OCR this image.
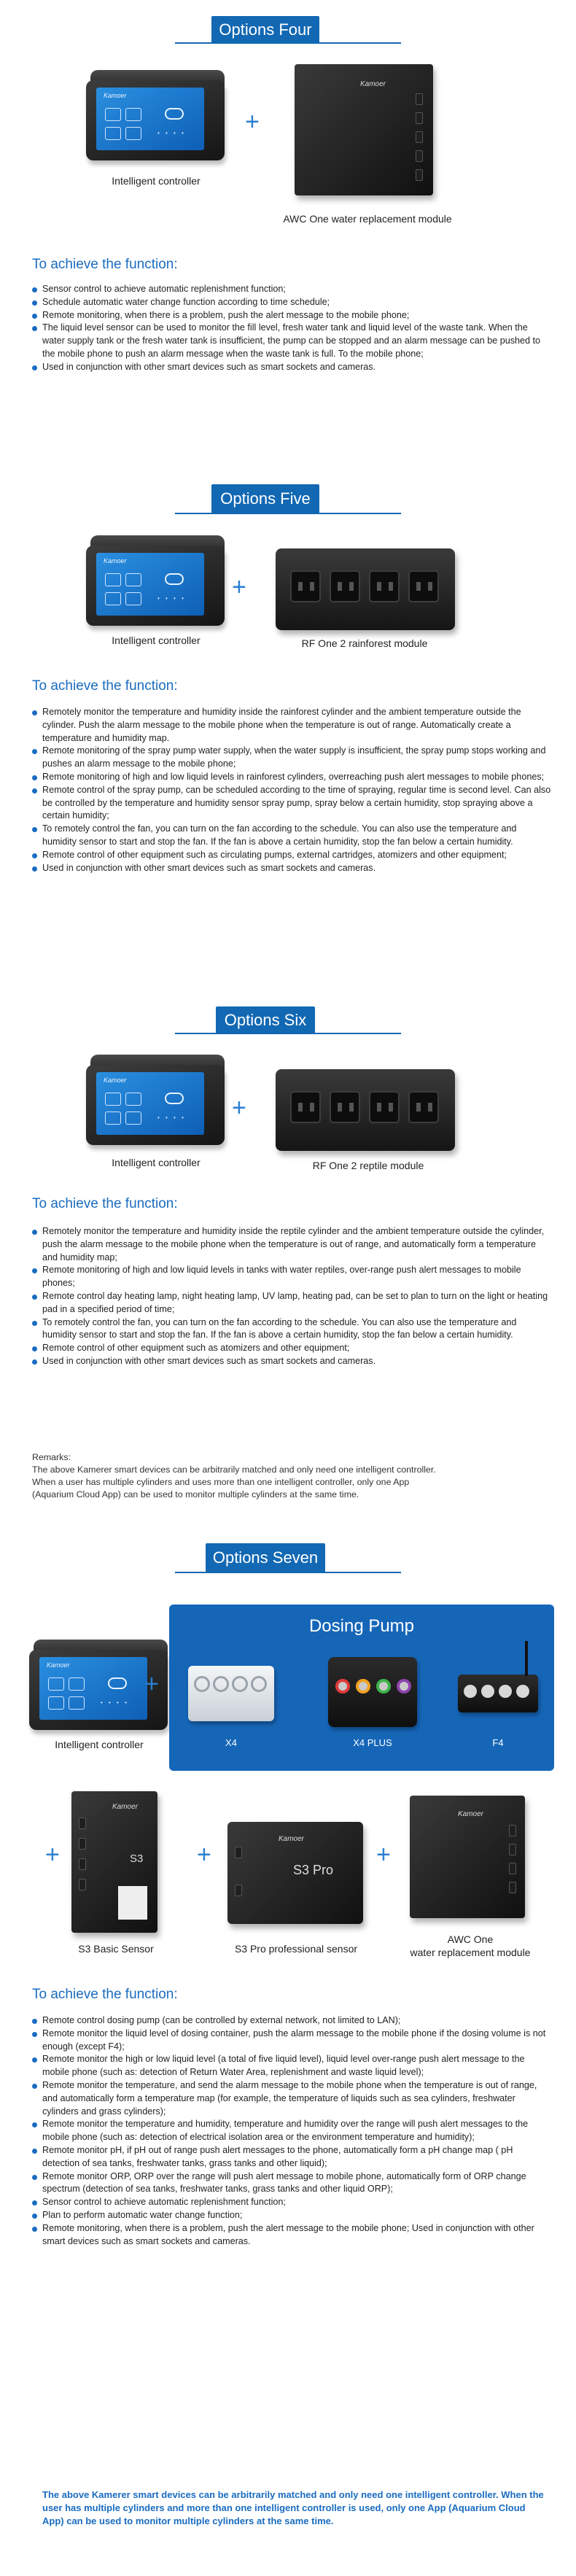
Options Four
Kamoer
• • • • +
Kamoer
Intelligent controller
AWC One water replacement module
To achieve the function:
Sensor control to achieve automatic replenishment function;
Schedule automatic water change function according to time schedule;
Remote monitoring, when there is a problem, push the alert message to the mobile phone;
The liquid level sensor can be used to monitor the fill level, fresh water tank and liquid level of the waste tank. When the water supply tank or the fresh water tank is insufficient, the pump can be stopped and an alarm message can be pushed to the mobile phone to push an alarm message when the waste tank is full. To the mobile phone;
Used in conjunction with other smart devices such as smart sockets and cameras.
Options Five
Kamoer
• • • • +
Intelligent controller	RF One 2 rainforest module
To achieve the function:
Remotely monitor the temperature and humidity inside the rainforest cylinder and the ambient temperature outside the cylinder. Push the alarm message to the mobile phone when the temperature is out of range. Automatically create a temperature and humidity map.
Remote monitoring of the spray pump water supply, when the water supply is insufficient, the spray pump stops working and pushes an alarm message to the mobile phone;
Remote monitoring of high and low liquid levels in rainforest cylinders, overreaching push alert messages to mobile phones;
Remote control of the spray pump, can be scheduled according to the time of spraying, regular time is second level. Can also be controlled by the temperature and humidity sensor spray pump, spray below a certain humidity, stop spraying above a certain humidity;
To remotely control the fan, you can turn on the fan according to the schedule. You can also use the temperature and humidity sensor to start and stop the fan. If the fan is above a certain humidity, stop the fan below a certain humidity.
Remote control of other equipment such as circulating pumps, external cartridges, atomizers and other equipment;
Used in conjunction with other smart devices such as smart sockets and cameras.
Options Six
Kamoer
• • • • +
Intelligent controller	RF One 2 reptile module
To achieve the function:
Remotely monitor the temperature and humidity inside the reptile cylinder and the ambient temperature outside the cylinder, push the alarm message to the mobile phone when the temperature is out of range, and automatically form a temperature and humidity map;
Remote monitoring of high and low liquid levels in tanks with water reptiles, over-range push alert messages to mobile phones;
Remote control day heating lamp, night heating lamp, UV lamp, heating pad, can be set to plan to turn on the light or heating pad in a specified period of time;
To remotely control the fan, you can turn on the fan according to the schedule. You can also use the temperature and humidity sensor to start and stop the fan. If the fan is above a certain humidity, stop the fan below a certain humidity.
Remote control of other equipment such as atomizers and other equipment;
Used in conjunction with other smart devices such as smart sockets and cameras.
Remarks:
The above Kamerer smart devices can be arbitrarily matched and only need one intelligent controller.
When a user has multiple cylinders and uses more than one intelligent controller, only one App
(Aquarium Cloud App) can be used to monitor multiple cylinders at the same time.
Options Seven
Kamoer
• • • •
Intelligent controller
+
Dosing Pump
X4	X4 PLUS	F4
+	S3
Kamoer
S3 Basic Sensor
+
Kamoer
S3 Pro
S3 Pro professional sensor
+
Kamoer
AWC One
water replacement module
To achieve the function:
Remote control dosing pump (can be controlled by external network, not limited to LAN);
Remote monitor the liquid level of dosing container, push the alarm message to the mobile phone if the dosing volume is not enough (except F4);
Remote monitor the high or low liquid level (a total of five liquid level), liquid level over-range push alert message to the mobile phone (such as: detection of Return Water Area, replenishment and waste liquid level);
Remote monitor the temperature, and send the alarm message to the mobile phone when the temperature is out of range, and automatically form a temperature map (for example, the temperature of liquids such as sea cylinders, freshwater cylinders and grass cylinders);
Remote monitor the temperature and humidity, temperature and humidity over the range will push alert messages to the mobile phone (such as: detection of electrical isolation area or the environment temperature and humidity);
Remote monitor pH, if pH out of range push alert messages to the phone, automatically form a pH change map ( pH detection of sea tanks, freshwater tanks, grass tanks and other liquid);
Remote monitor ORP, ORP over the range will push alert message to mobile phone, automatically form of ORP change spectrum (detection of sea tanks, freshwater tanks, grass tanks and other liquid ORP);
Sensor control to achieve automatic replenishment function;
Plan to perform automatic water change function;
Remote monitoring, when there is a problem, push the alert message to the mobile phone; Used in conjunction with other smart devices such as smart sockets and cameras.
The above Kamerer smart devices can be arbitrarily matched and only need one intelligent controller. When the user has multiple cylinders and more than one intelligent controller is used, only one App (Aquarium Cloud App) can be used to monitor multiple cylinders at the same time.
